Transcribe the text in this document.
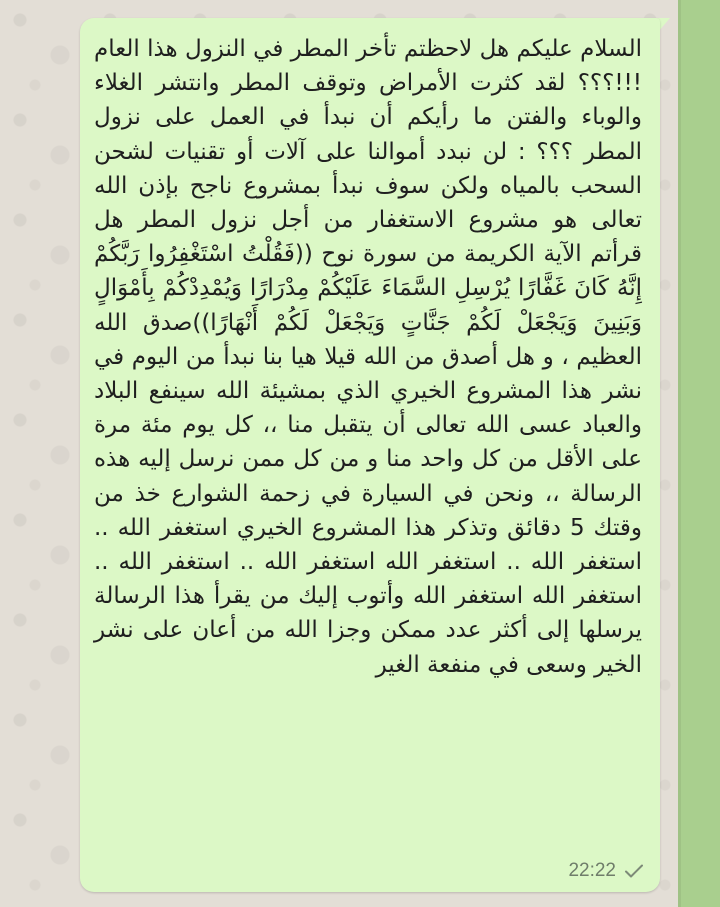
السلام عليكم هل لاحظتم تأخر المطر في النزول هذا العام !!!؟؟؟ لقد كثرت الأمراض وتوقف المطر وانتشر الغلاء والوباء والفتن ما رأيكم أن نبدأ في العمل على نزول المطر ؟؟؟ : لن نبدد أموالنا على آلات أو تقنيات لشحن السحب بالمياه ولكن سوف نبدأ بمشروع ناجح بإذن الله تعالى هو مشروع الاستغفار من أجل نزول المطر هل قرأتم الآية الكريمة من سورة نوح ((فَقُلْتُ اسْتَغْفِرُوا رَبَّكُمْ إِنَّهُ كَانَ غَفَّارًا يُرْسِلِ السَّمَاءَ عَلَيْكُمْ مِدْرَارًا وَيُمْدِدْكُمْ بِأَمْوَالٍ وَبَنِينَ وَيَجْعَلْ لَكُمْ جَنَّاتٍ وَيَجْعَلْ لَكُمْ أَنْهَارًا))صدق الله العظيم ، و هل أصدق من الله قيلا هيا بنا نبدأ من اليوم في نشر هذا المشروع الخيري الذي بمشيئة الله سينفع البلاد والعباد عسى الله تعالى أن يتقبل منا ،، كل يوم مئة مرة على الأقل من كل واحد منا و من كل ممن نرسل إليه هذه الرسالة ،، ونحن في السيارة في زحمة الشوارع خذ من وقتك 5 دقائق وتذكر هذا المشروع الخيري استغفر الله .. استغفر الله .. استغفر الله استغفر الله .. استغفر الله .. استغفر الله استغفر الله وأتوب إليك من يقرأ هذا الرسالة يرسلها إلى أكثر عدد ممكن وجزا الله من أعان على نشر الخير وسعى في منفعة الغير

22:22
